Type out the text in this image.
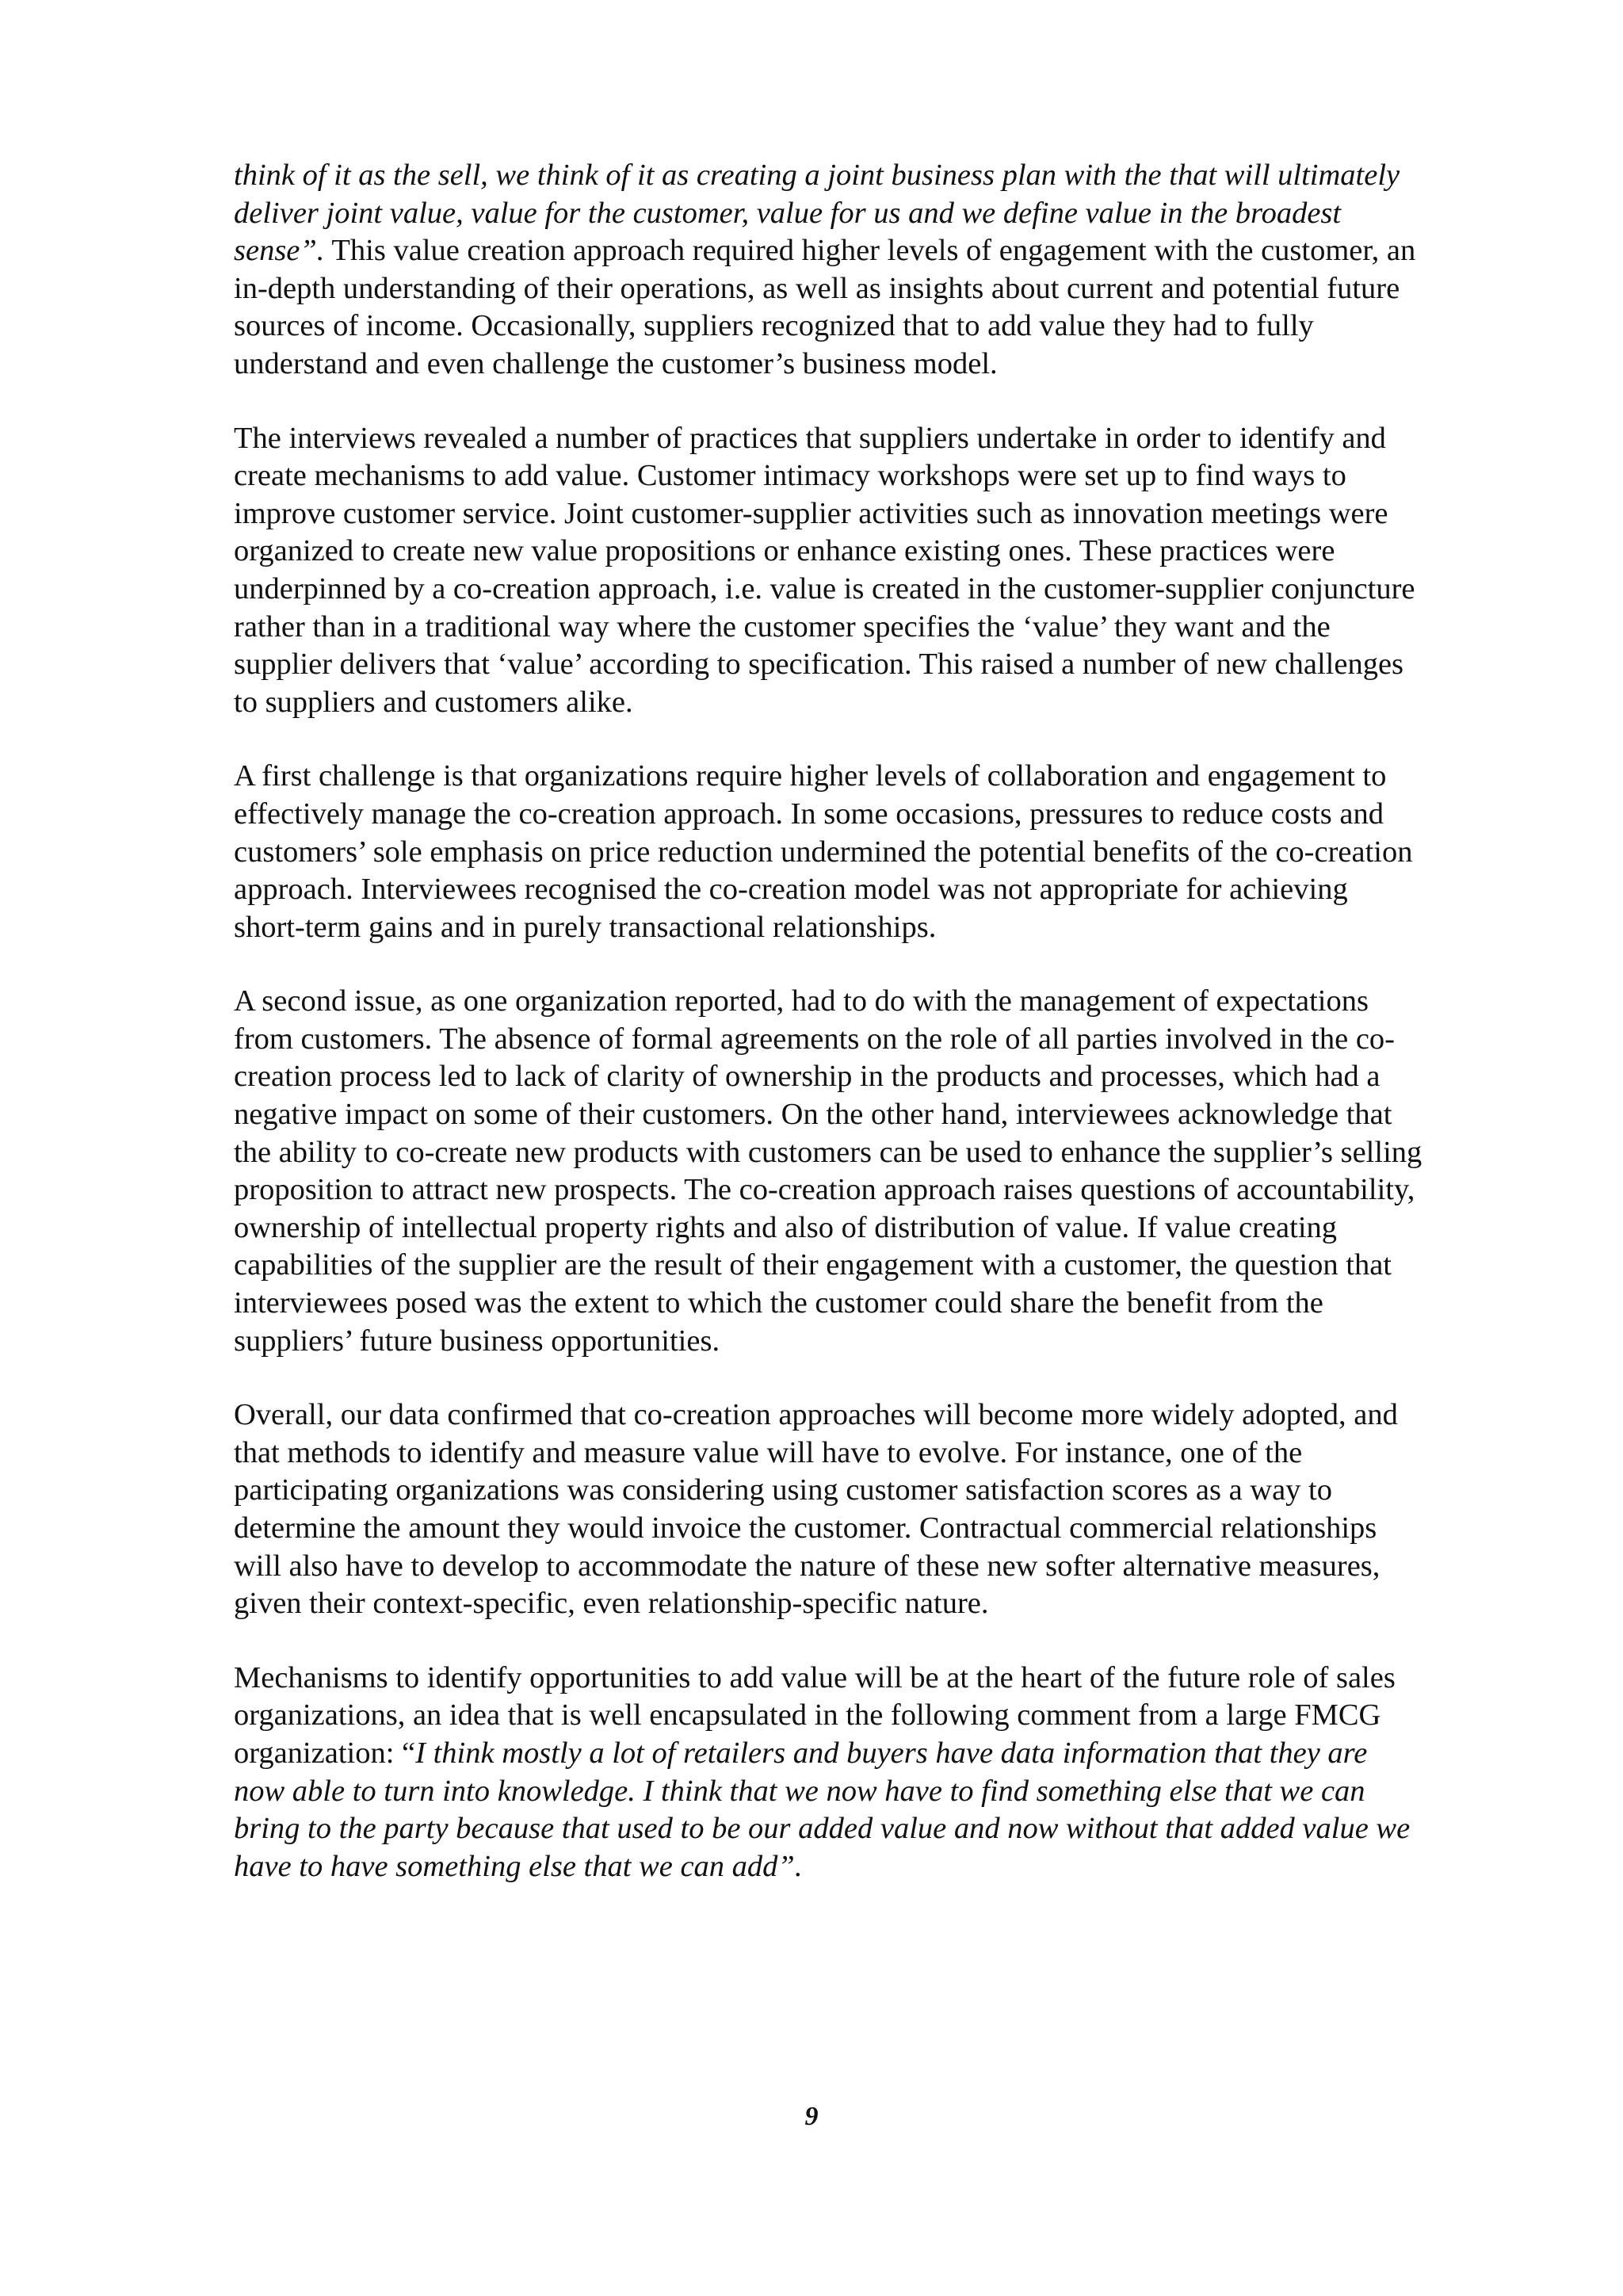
think of it as the sell, we think of it as creating a joint business plan with the that will ultimately deliver joint value, value for the customer, value for us and we define value in the broadest sense”. This value creation approach required higher levels of engagement with the customer, an in-depth understanding of their operations, as well as insights about current and potential future sources of income. Occasionally, suppliers recognized that to add value they had to fully understand and even challenge the customer’s business model.

The interviews revealed a number of practices that suppliers undertake in order to identify and create mechanisms to add value. Customer intimacy workshops were set up to find ways to improve customer service. Joint customer-supplier activities such as innovation meetings were organized to create new value propositions or enhance existing ones. These practices were underpinned by a co-creation approach, i.e. value is created in the customer-supplier conjuncture rather than in a traditional way where the customer specifies the ‘value’ they want and the supplier delivers that ‘value’ according to specification. This raised a number of new challenges to suppliers and customers alike.

A first challenge is that organizations require higher levels of collaboration and engagement to effectively manage the co-creation approach. In some occasions, pressures to reduce costs and customers’ sole emphasis on price reduction undermined the potential benefits of the co-creation approach. Interviewees recognised the co-creation model was not appropriate for achieving short-term gains and in purely transactional relationships.

A second issue, as one organization reported, had to do with the management of expectations from customers. The absence of formal agreements on the role of all parties involved in the co-creation process led to lack of clarity of ownership in the products and processes, which had a negative impact on some of their customers. On the other hand, interviewees acknowledge that the ability to co-create new products with customers can be used to enhance the supplier’s selling proposition to attract new prospects. The co-creation approach raises questions of accountability, ownership of intellectual property rights and also of distribution of value. If value creating capabilities of the supplier are the result of their engagement with a customer, the question that interviewees posed was the extent to which the customer could share the benefit from the suppliers’ future business opportunities.

Overall, our data confirmed that co-creation approaches will become more widely adopted, and that methods to identify and measure value will have to evolve. For instance, one of the participating organizations was considering using customer satisfaction scores as a way to determine the amount they would invoice the customer. Contractual commercial relationships will also have to develop to accommodate the nature of these new softer alternative measures, given their context-specific, even relationship-specific nature.

Mechanisms to identify opportunities to add value will be at the heart of the future role of sales organizations, an idea that is well encapsulated in the following comment from a large FMCG organization: “I think mostly a lot of retailers and buyers have data information that they are now able to turn into knowledge. I think that we now have to find something else that we can bring to the party because that used to be our added value and now without that added value we have to have something else that we can add”.

9
